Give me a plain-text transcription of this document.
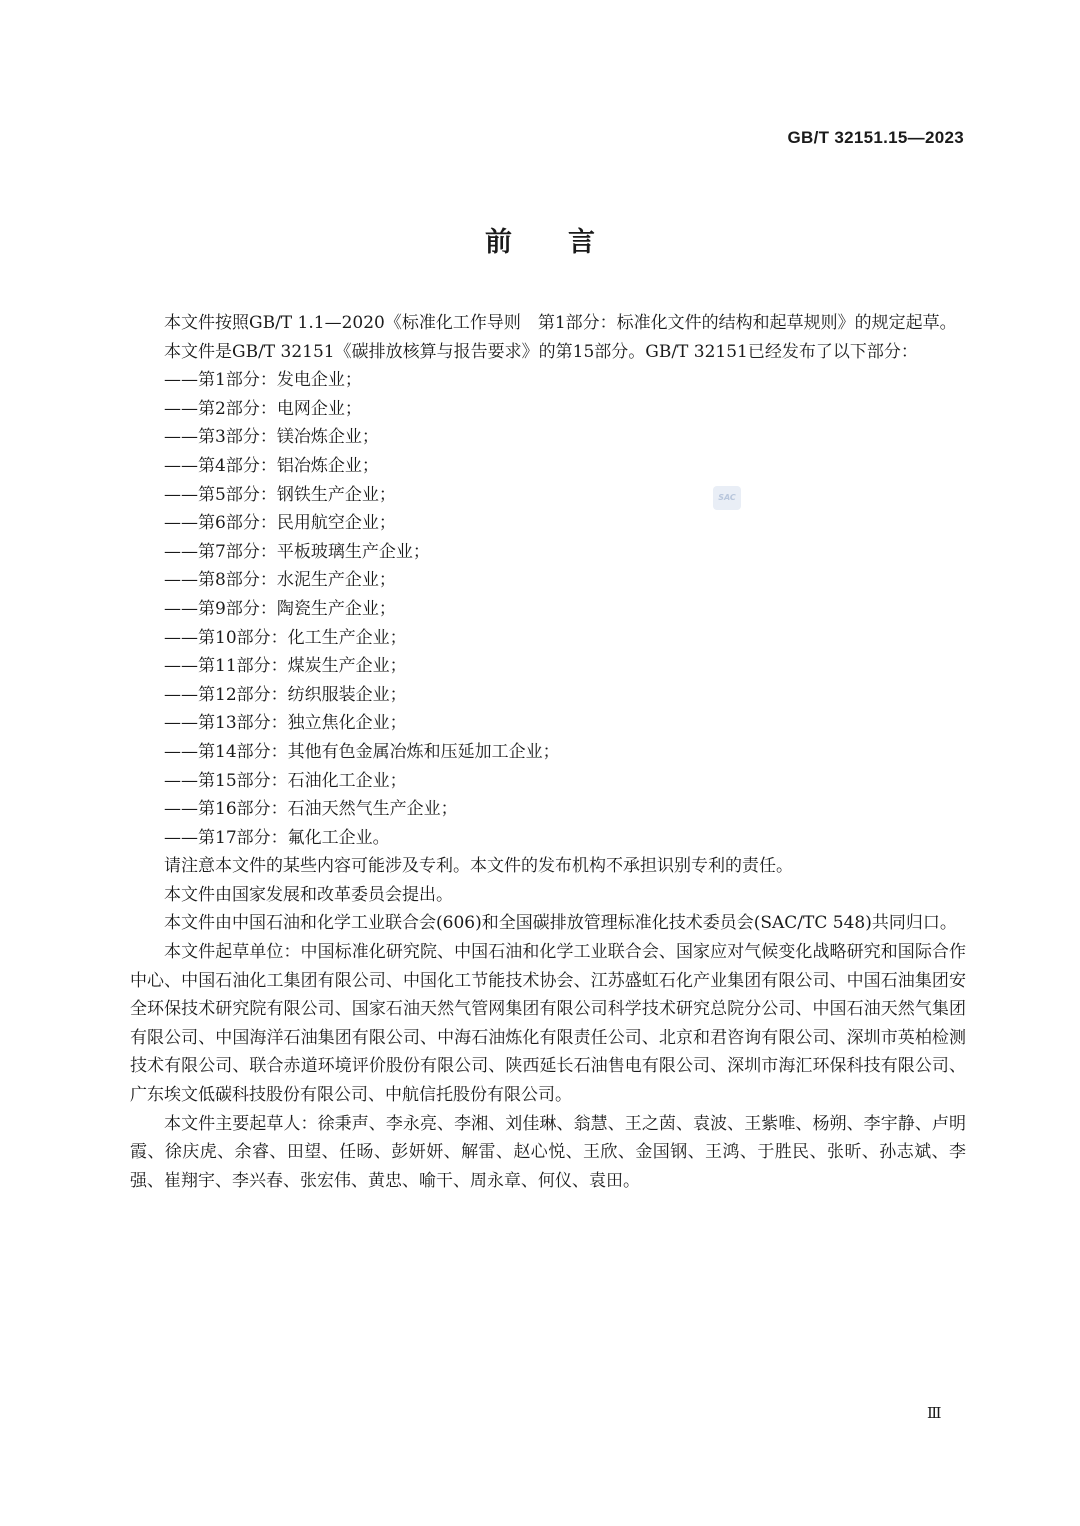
GB/T 32151.15—2023
前 言
SAC

本文件按照GB/T 1.1—2020《标准化工作导则　第1部分：标准化文件的结构和起草规则》的规定起草。

本文件是GB/T 32151《碳排放核算与报告要求》的第15部分。GB/T 32151已经发布了以下部分：

——第1部分：发电企业；
——第2部分：电网企业；
——第3部分：镁冶炼企业；
——第4部分：铝冶炼企业；
——第5部分：钢铁生产企业；
——第6部分：民用航空企业；
——第7部分：平板玻璃生产企业；
——第8部分：水泥生产企业；
——第9部分：陶瓷生产企业；
——第10部分：化工生产企业；
——第11部分：煤炭生产企业；
——第12部分：纺织服装企业；
——第13部分：独立焦化企业；
——第14部分：其他有色金属冶炼和压延加工企业；
——第15部分：石油化工企业；
——第16部分：石油天然气生产企业；
——第17部分：氟化工企业。

请注意本文件的某些内容可能涉及专利。本文件的发布机构不承担识别专利的责任。

本文件由国家发展和改革委员会提出。

本文件由中国石油和化学工业联合会(606)和全国碳排放管理标准化技术委员会(SAC/TC 548)共同归口。

本文件起草单位：中国标准化研究院、中国石油和化学工业联合会、国家应对气候变化战略研究和国际合作中心、中国石油化工集团有限公司、中国化工节能技术协会、江苏盛虹石化产业集团有限公司、中国石油集团安全环保技术研究院有限公司、国家石油天然气管网集团有限公司科学技术研究总院分公司、中国石油天然气集团有限公司、中国海洋石油集团有限公司、中海石油炼化有限责任公司、北京和君咨询有限公司、深圳市英柏检测技术有限公司、联合赤道环境评价股份有限公司、陕西延长石油售电有限公司、深圳市海汇环保科技有限公司、广东埃文低碳科技股份有限公司、中航信托股份有限公司。

本文件主要起草人：徐秉声、李永亮、李湘、刘佳琳、翁慧、王之茵、袁波、王紫唯、杨朔、李宇静、卢明霞、徐庆虎、余睿、田望、任旸、彭妍妍、解雷、赵心悦、王欣、金国钢、王鸿、于胜民、张昕、孙志斌、李强、崔翔宇、李兴春、张宏伟、黄忠、喻干、周永章、何仪、袁田。

Ⅲ
